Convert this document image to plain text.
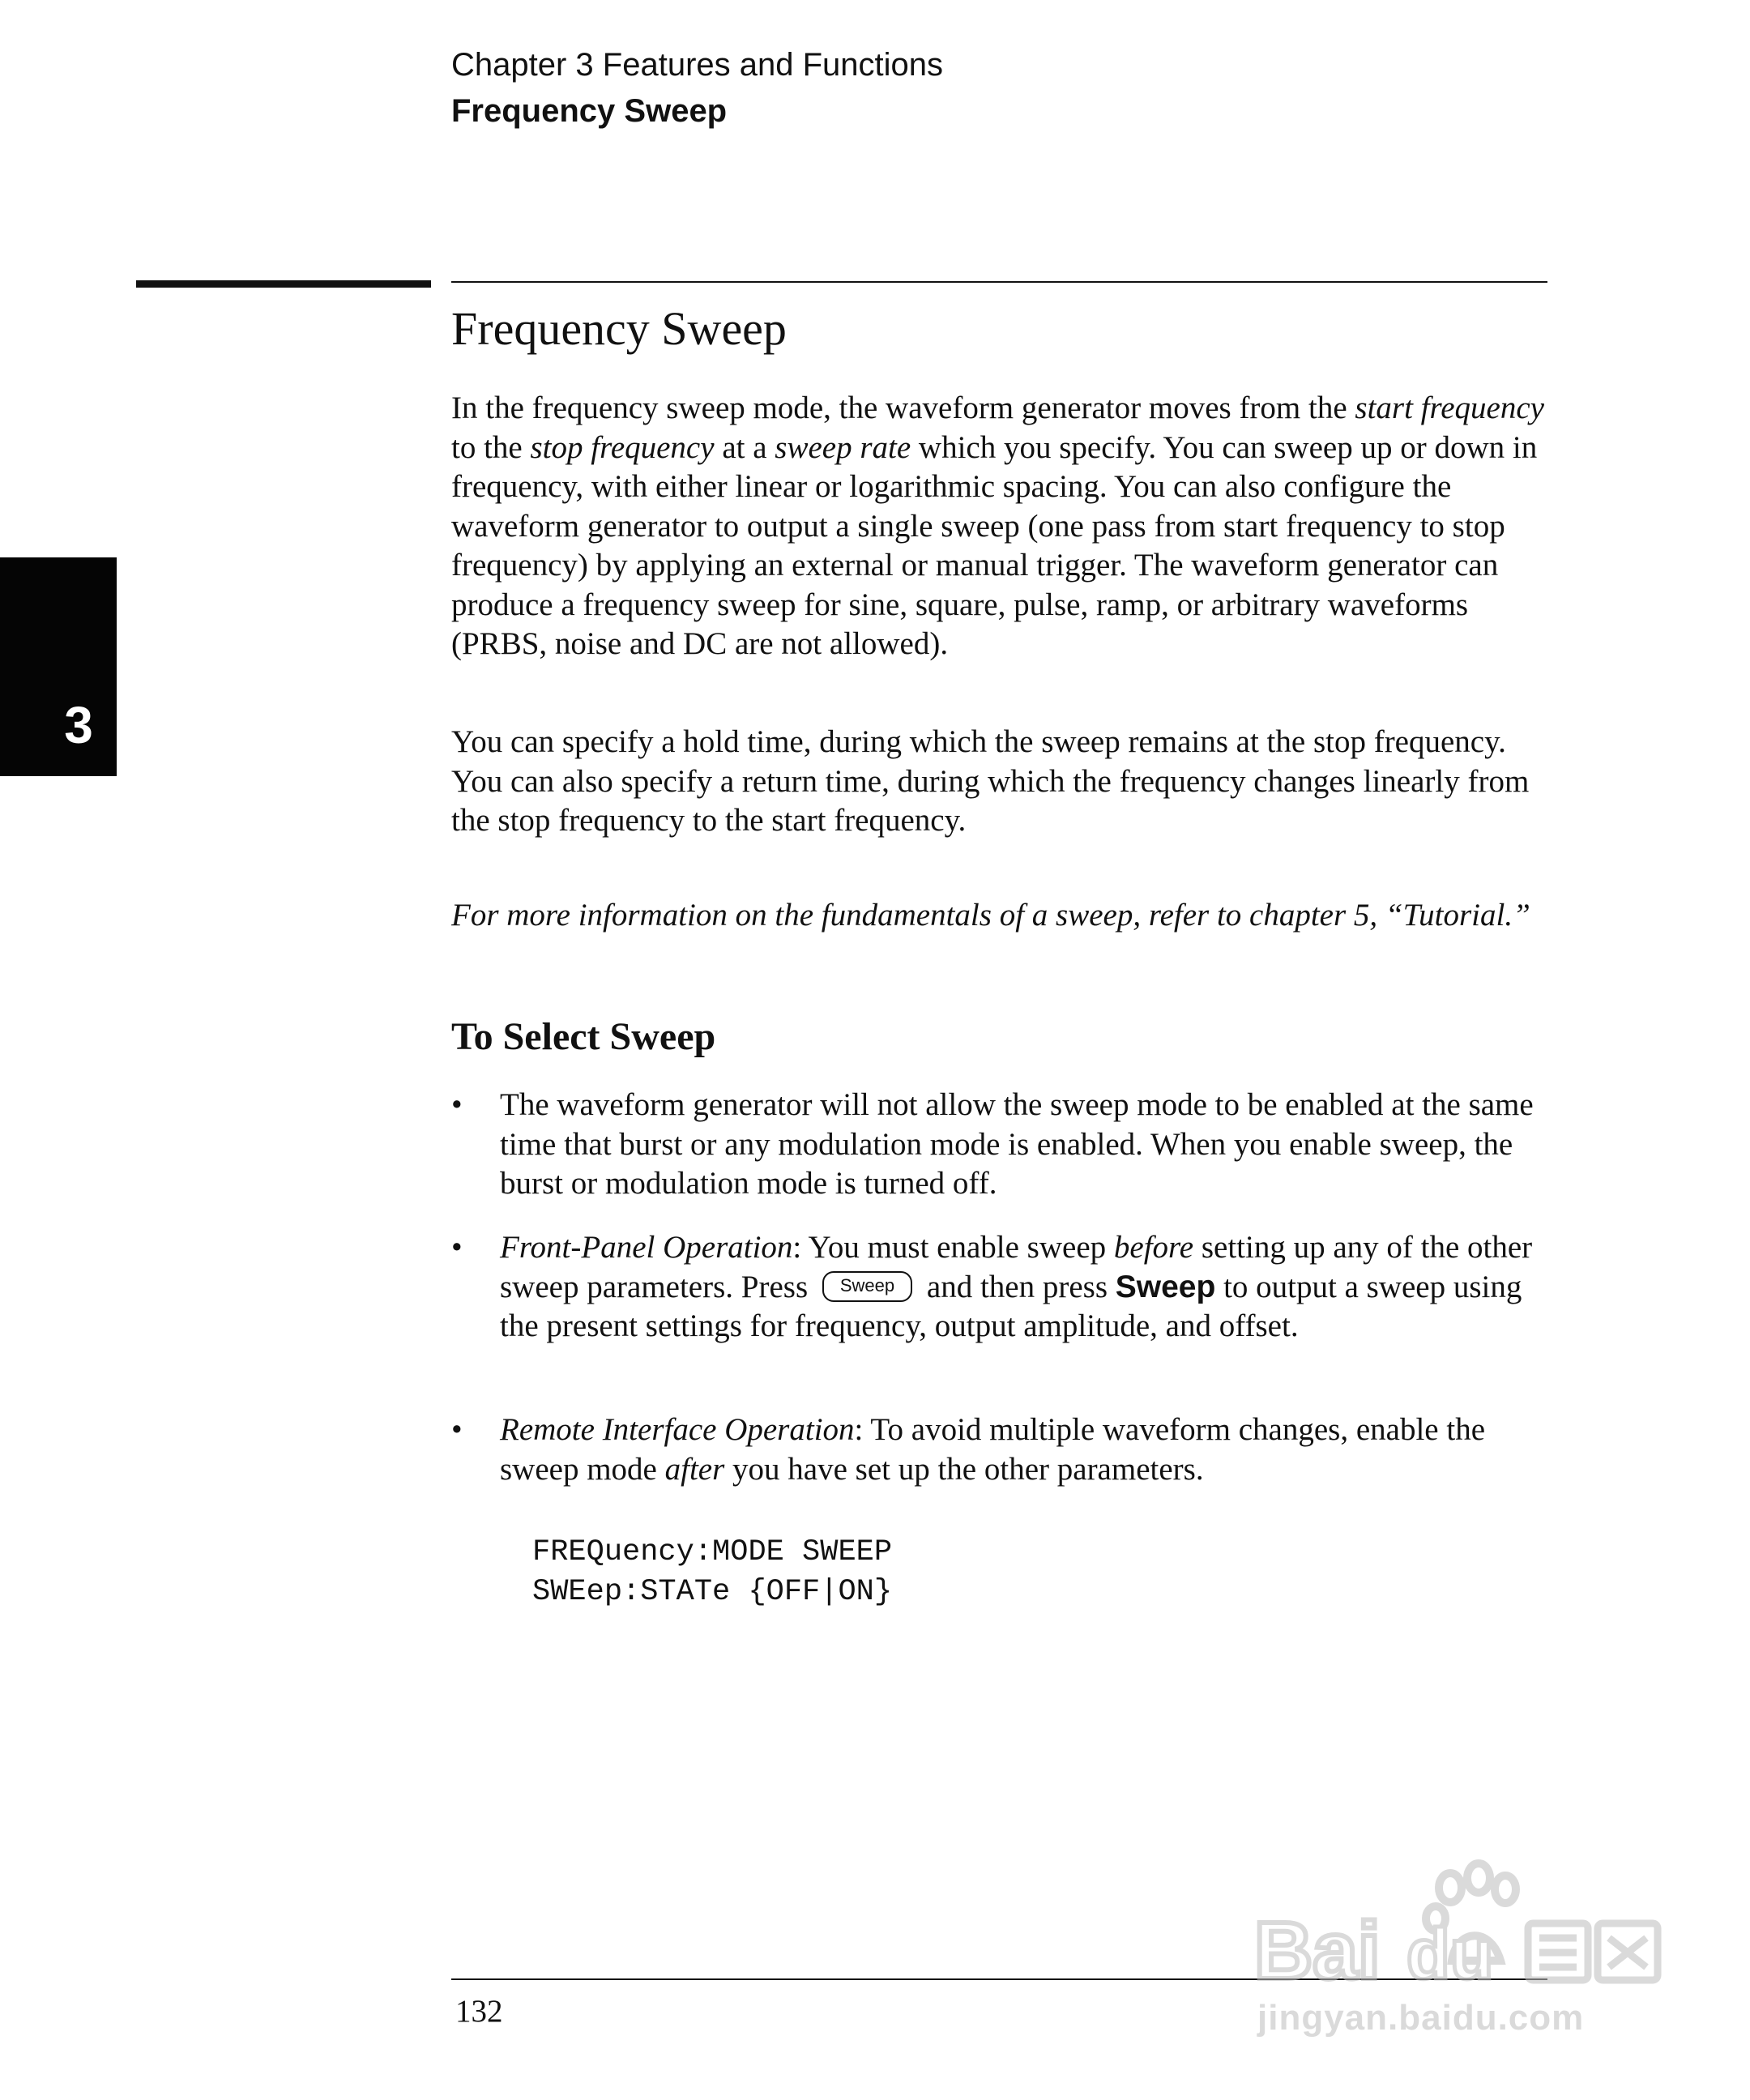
Chapter 3 Features and Functions
Frequency Sweep
3
Frequency Sweep

In the frequency sweep mode, the waveform generator moves from the start frequency to the stop frequency at a sweep rate which you specify. You can sweep up or down in frequency, with either linear or logarithmic spacing. You can also configure the waveform generator to output a single sweep (one pass from start frequency to stop frequency) by applying an external or manual trigger. The waveform generator can produce a frequency sweep for sine, square, pulse, ramp, or arbitrary waveforms (PRBS, noise and DC are not allowed).

You can specify a hold time, during which the sweep remains at the stop frequency. You can also specify a return time, during which the frequency changes linearly from the stop frequency to the start frequency.

For more information on the fundamentals of a sweep, refer to chapter 5, “Tutorial.”

To Select Sweep
•	The waveform generator will not allow the sweep mode to be enabled at the same time that burst or any modulation mode is enabled. When you enable sweep, the burst or modulation mode is turned off.
•	Front-Panel Operation: You must enable sweep before setting up any of the other sweep parameters. Press Sweep and then press Sweep to output a sweep using the present settings for frequency, output amplitude, and offset.
•	Remote Interface Operation: To avoid multiple waveform changes, enable the sweep mode after you have set up the other parameters.
FREQuency:MODE SWEEP
SWEep:STATe {OFF|ON}
132
Bai du
jingyan.baidu.com
